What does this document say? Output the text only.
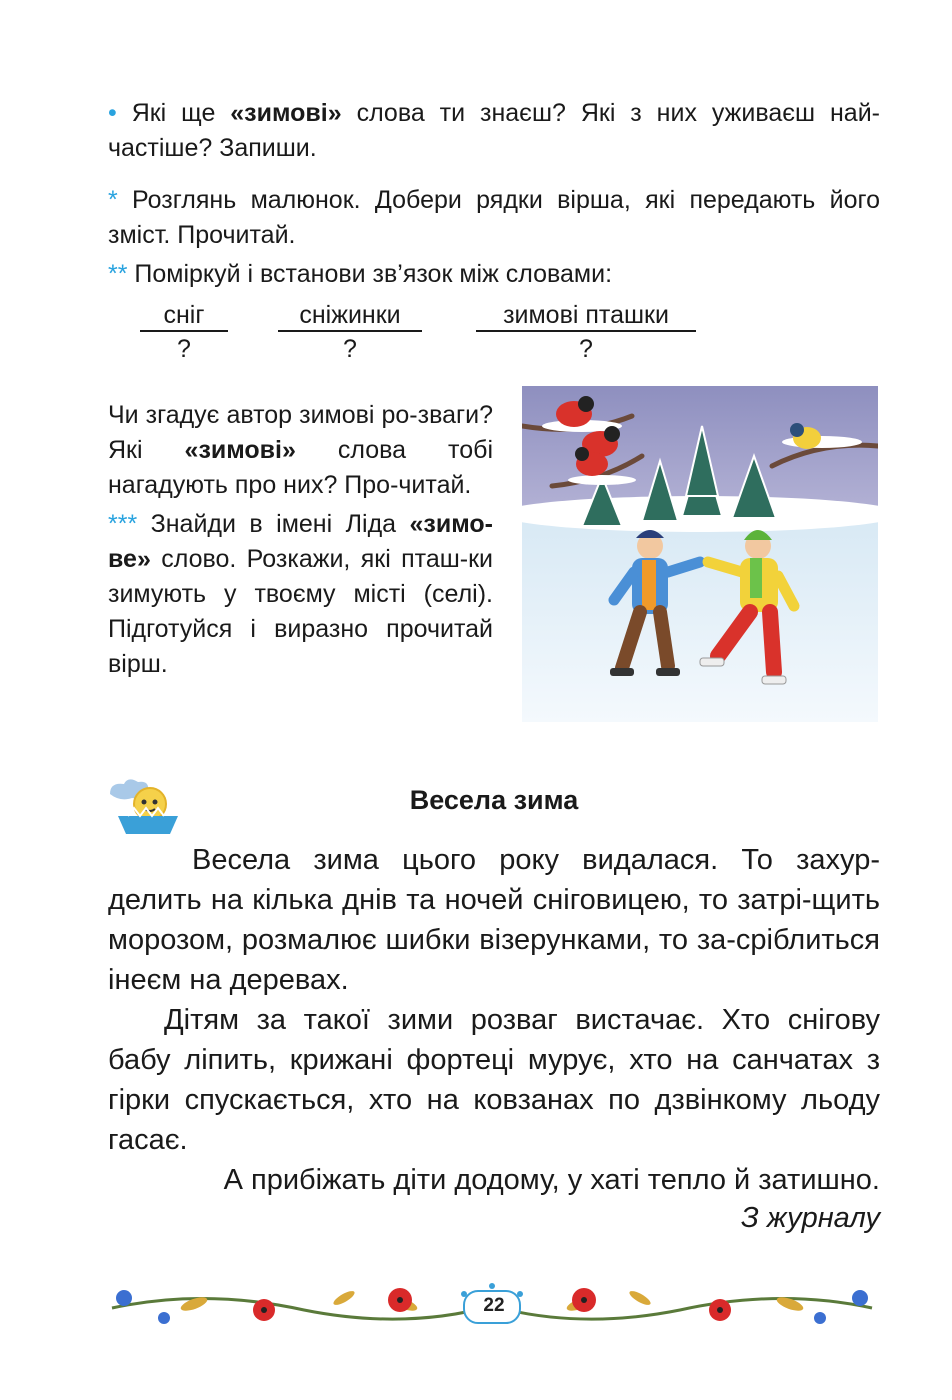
• Які ще «зимові» слова ти знаєш? Які з них уживаєш най-частіше? Запиши.
* Розглянь малюнок. Добери рядки вірша, які передають його зміст. Прочитай.
** Поміркуй і встанови зв’язок між словами:
сніг
?
сніжинки
?
зимові пташки
?

Чи згадує автор зимові ро-зваги? Які «зимові» слова тобі нагадують про них? Про-читай.

*** Знайди в імені Ліда «зимо-ве» слово. Розкажи, які пташ-ки зимують у твоєму місті (селі). Підготуйся і виразно прочитай вірш.

Весела зима

Весела зима цього року видалася. То захур-делить на кілька днів та ночей сніговицею, то затрі-щить морозом, розмалює шибки візерунками, то за-сріблиться інеєм на деревах.

Дітям за такої зими розваг вистачає. Хто снігову бабу ліпить, крижані фортеці мурує, хто на санчатах з гірки спускається, хто на ковзанах по дзвінкому льоду гасає.

А прибіжать діти додому, у хаті тепло й затишно.

З журналу
22
